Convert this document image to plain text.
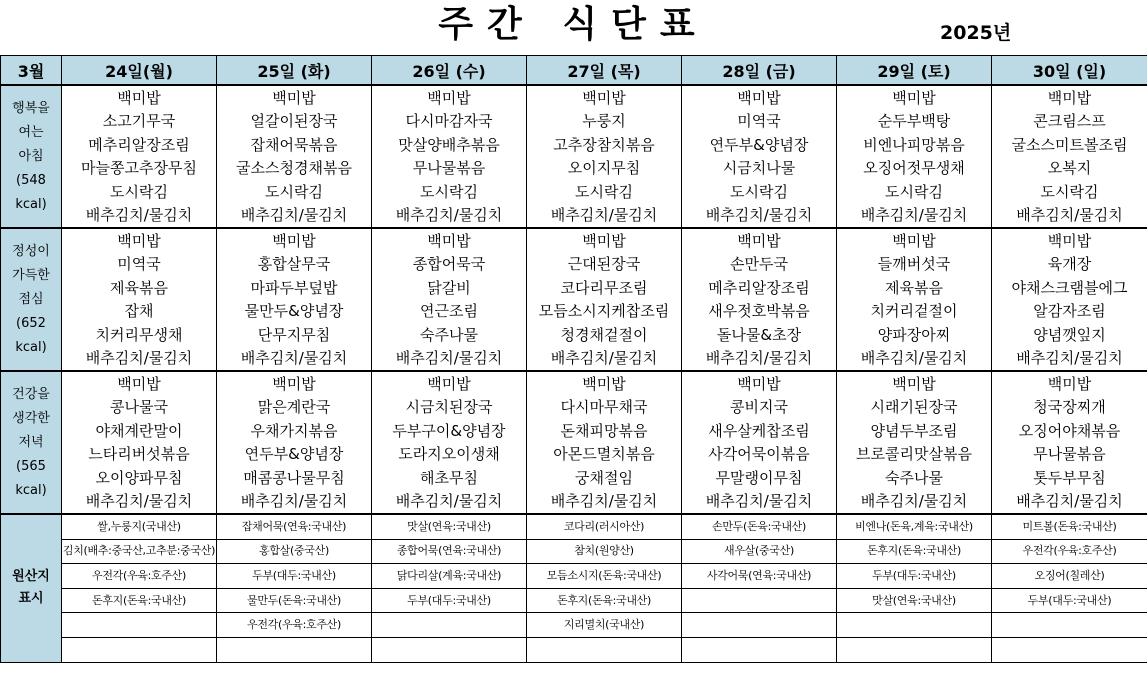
주간 식단표	2025년
3월	24일(월)	25일 (화)	26일 (수)	27일 (목)	28일 (금)	29일 (토)	30일 (일)

행복을
여는
아침
(548
kcal)	백미밥	백미밥	백미밥	백미밥	백미밥	백미밥	백미밥
	소고기무국	얼갈이된장국	다시마감자국	누룽지	미역국	순두부백탕	콘크림스프
	메추리알장조림	잡채어묵볶음	맛살양배추볶음	고추장참치볶음	연두부&양념장	비엔나피망볶음	굴소스미트볼조림
	마늘쫑고추장무침	굴소스청경채볶음	무나물볶음	오이지무침	시금치나물	오징어젓무생채	오복지
	도시락김	도시락김	도시락김	도시락김	도시락김	도시락김	도시락김
	배추김치/물김치	배추김치/물김치	배추김치/물김치	배추김치/물김치	배추김치/물김치	배추김치/물김치	배추김치/물김치

정성이
가득한
점심
(652
kcal)	백미밥	백미밥	백미밥	백미밥	백미밥	백미밥	백미밥
	미역국	홍합살무국	종합어묵국	근대된장국	손만두국	들깨버섯국	육개장
	제육볶음	마파두부덮밥	닭갈비	코다리무조림	메추리알장조림	제육볶음	야채스크램블에그
	잡채	물만두&양념장	연근조림	모듬소시지케찹조림	새우젓호박볶음	치커리겉절이	알감자조림
	치커리무생채	단무지무침	숙주나물	청경채겉절이	돌나물&초장	양파장아찌	양념깻잎지
	배추김치/물김치	배추김치/물김치	배추김치/물김치	배추김치/물김치	배추김치/물김치	배추김치/물김치	배추김치/물김치

건강을
생각한
저녁
(565
kcal)	백미밥	백미밥	백미밥	백미밥	백미밥	백미밥	백미밥
	콩나물국	맑은계란국	시금치된장국	다시마무채국	콩비지국	시래기된장국	청국장찌개
	야채계란말이	우채가지볶음	두부구이&양념장	돈채피망볶음	새우살케찹조림	양념두부조림	오징어야채볶음
	느타리버섯볶음	연두부&양념장	도라지오이생채	아몬드멸치볶음	사각어묵이볶음	브로콜리맛살볶음	무나물볶음
	오이양파무침	매콤콩나물무침	해초무침	궁채절임	무말랭이무침	숙주나물	톳두부무침
	배추김치/물김치	배추김치/물김치	배추김치/물김치	배추김치/물김치	배추김치/물김치	배추김치/물김치	배추김치/물김치

원산지
표시	쌀,누룽지(국내산)	잡채어묵(연육:국내산)	맛살(연육:국내산)	코다리(러시아산)	손만두(돈육:국내산)	비엔나(돈육,계육:국내산)	미트볼(돈육:국내산)
	김치(배추:중국산,고추분:중국산)	홍합살(중국산)	종합어묵(연육:국내산)	참치(원양산)	새우살(중국산)	돈후지(돈육:국내산)	우전각(우육:호주산)
	우전각(우육:호주산)	두부(대두:국내산)	닭다리살(계육:국내산)	모듬소시지(돈육:국내산)	사각어묵(연육:국내산)	두부(대두:국내산)	오징어(칠레산)
	돈후지(돈육:국내산)	물만두(돈육:국내산)	두부(대두:국내산)	돈후지(돈육:국내산)		맛살(연육:국내산)	두부(대두:국내산)
		우전각(우육:호주산)		지리멸치(국내산)			
